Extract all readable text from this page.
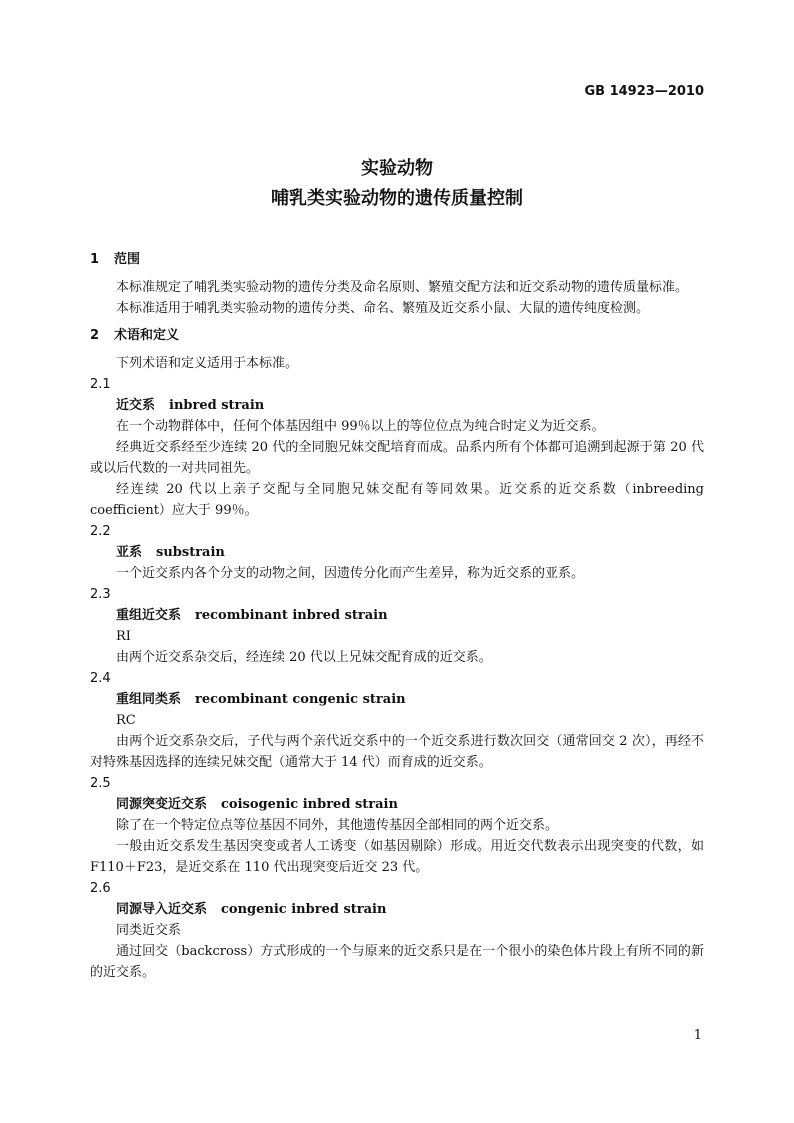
GB 14923—2010
实验动物
哺乳类实验动物的遗传质量控制
1 范围
本标准规定了哺乳类实验动物的遗传分类及命名原则、繁殖交配方法和近交系动物的遗传质量标准。
本标准适用于哺乳类实验动物的遗传分类、命名、繁殖及近交系小鼠、大鼠的遗传纯度检测。
2 术语和定义
下列术语和定义适用于本标准。
2.1
近交系 inbred strain
在一个动物群体中，任何个体基因组中 99％以上的等位位点为纯合时定义为近交系。
经典近交系经至少连续 20 代的全同胞兄妹交配培育而成。品系内所有个体都可追溯到起源于第 20 代或以后代数的一对共同祖先。
经连续 20 代以上亲子交配与全同胞兄妹交配有等同效果。近交系的近交系数（inbreeding coefficient）应大于 99％。
2.2
亚系 substrain
一个近交系内各个分支的动物之间，因遗传分化而产生差异，称为近交系的亚系。
2.3
重组近交系 recombinant inbred strain
RI
由两个近交系杂交后，经连续 20 代以上兄妹交配育成的近交系。
2.4
重组同类系 recombinant congenic strain
RC
由两个近交系杂交后，子代与两个亲代近交系中的一个近交系进行数次回交（通常回交 2 次），再经不对特殊基因选择的连续兄妹交配（通常大于 14 代）而育成的近交系。
2.5
同源突变近交系 coisogenic inbred strain
除了在一个特定位点等位基因不同外，其他遗传基因全部相同的两个近交系。
一般由近交系发生基因突变或者人工诱变（如基因剔除）形成。用近交代数表示出现突变的代数，如 F110＋F23，是近交系在 110 代出现突变后近交 23 代。
2.6
同源导入近交系 congenic inbred strain
同类近交系
通过回交（backcross）方式形成的一个与原来的近交系只是在一个很小的染色体片段上有所不同的新的近交系。
1
